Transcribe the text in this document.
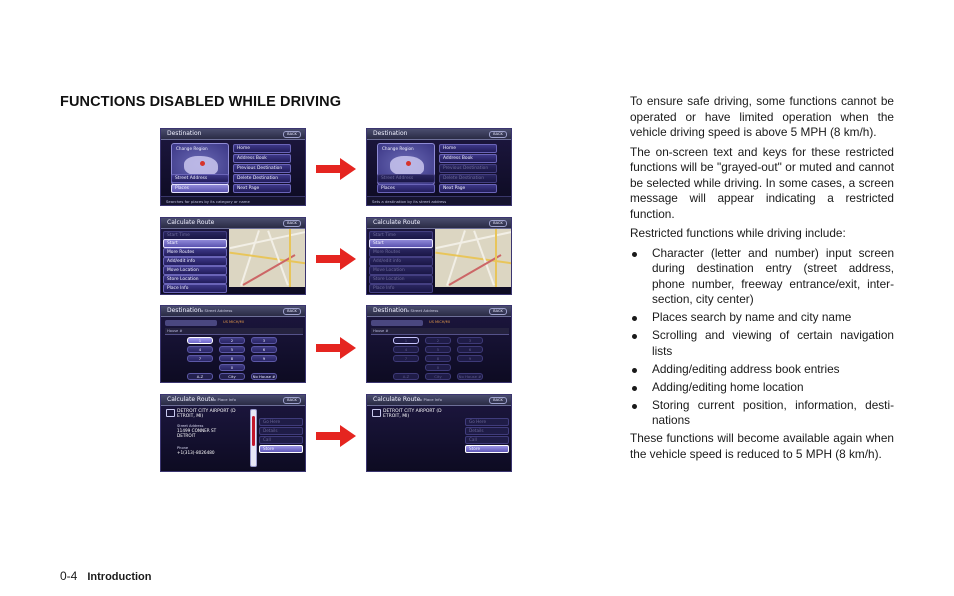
FUNCTIONS DISABLED WHILE DRIVING
Destination	BACK
Change Region
Street Address
Places
Home
Address Book
Previous Destination
Delete Destination
Next Page
Searches for places by its category or name
Destination	BACK
Change Region
Street Address
Places
Home
Address Book
Previous Destination
Delete Destination
Next Page
Sets a destination by its street address
Calculate Route	BACK
Start Time
Start
More Routes
Add/edit info
Move Location
Store Location
Place Info
Calculate Route	BACK
Start Time
Start
More Routes
Add/edit info
Move Location
Store Location
Place Info
Destination▸ Street Address	BACK
US MICH/MI
House #
1	2	3
4	5	6
7	8	9
0
A-Z	City	No House #
Destination▸ Street Address	BACK
US MICH/MI
House #
1	2	3
4	5	6
7	8	9
0
A-Z	City	No House #
Calculate Route▸ Place Info	BACK
DETROIT CITY AIRPORT (D ETROIT, MI)
Street Address
11499 CONNER ST
DETROIT
Phone
+1(313)-8026480
Go Here
Details
Call
Store
Calculate Route▸ Place Info	BACK
DETROIT CITY AIRPORT (D ETROIT, MI)
Go Here
Details
Call
Store

To ensure safe driving, some functions cannot be operated or have limited operation when the vehicle driving speed is above 5 MPH (8 km/h).

The on-screen text and keys for these restricted functions will be "grayed-out" or muted and cannot be selected while driving. In some cases, a screen message will appear indicating a restricted function.

Restricted functions while driving include:

Character (letter and number) input screen during destination entry (street address, phone number, freeway entrance/exit, inter-section, city center)
Places search by name and city name
Scrolling and viewing of certain navigation lists
Adding/editing address book entries
Adding/editing home location
Storing current position, information, desti-nations

These functions will become available again when the vehicle speed is reduced to 5 MPH (8 km/h).

0-4 Introduction
